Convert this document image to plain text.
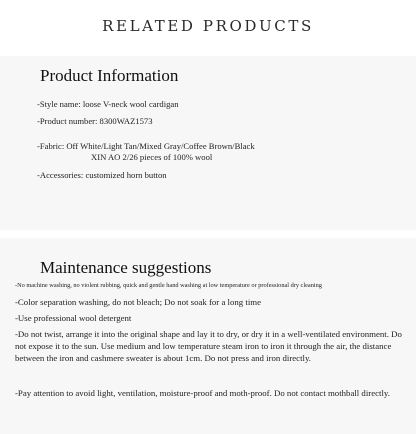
RELATED PRODUCTS
Product Information

-Style name: loose V-neck wool cardigan

-Product number: 8300WAZ1573

-Fabric: Off White/Light Tan/Mixed Gray/Coffee Brown/Black

XIN AO 2/26 pieces of 100% wool

-Accessories: customized horn button

Maintenance suggestions

-No machine washing, no violent rubbing, quick and gentle hand washing at low temperature or professional dry cleaning

-Color separation washing, do not bleach; Do not soak for a long time

-Use professional wool detergent

-Do not twist, arrange it into the original shape and lay it to dry, or dry it in a well-ventilated environment. Do not expose it to the sun. Use medium and low temperature steam iron to iron it through the air, the distance between the iron and cashmere sweater is about 1cm. Do not press and iron directly.

-Pay attention to avoid light, ventilation, moisture-proof and moth-proof. Do not contact mothball directly.
